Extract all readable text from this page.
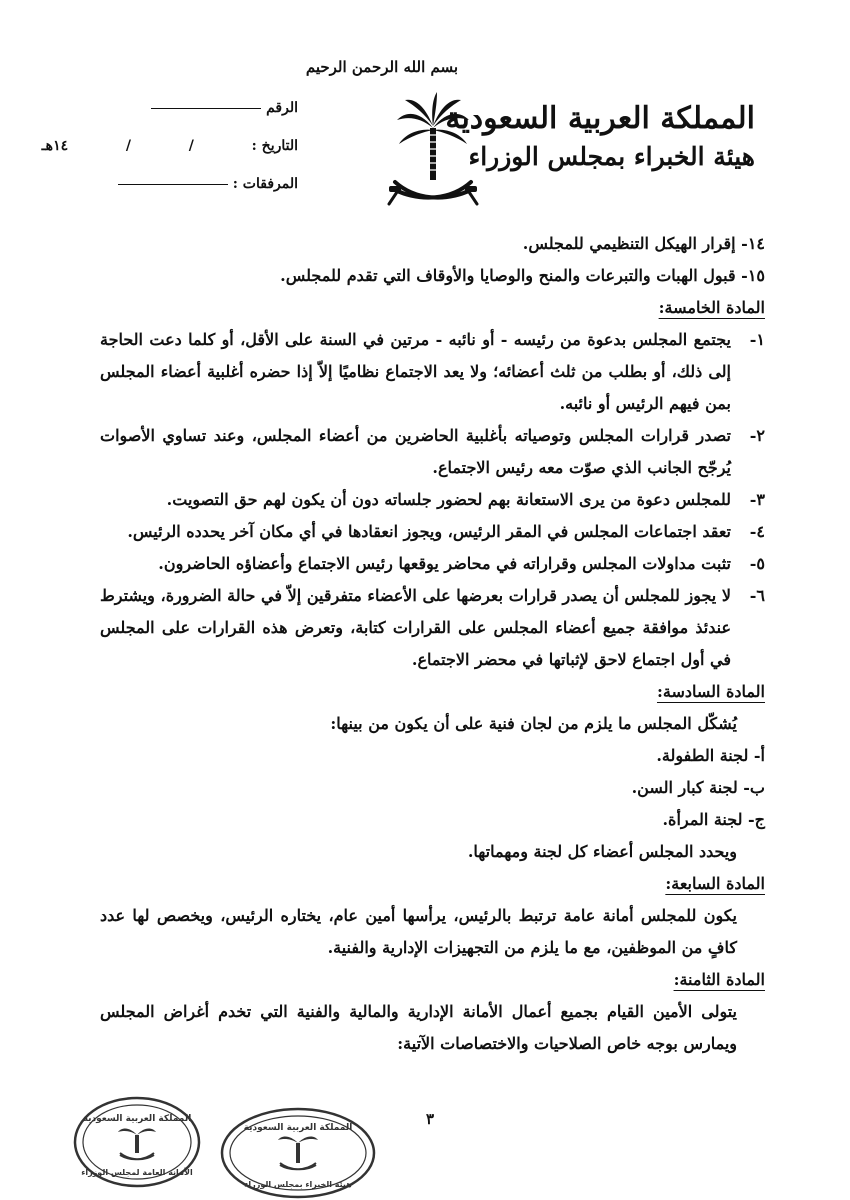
بسم الله الرحمن الرحيم
المملكة العربية السعودية
هيئة الخبراء بمجلس الوزراء
الرقم
التاريخ :  /  /  ١٤هـ
المرفقات :

١٤- إقرار الهيكل التنظيمي للمجلس.

١٥- قبول الهبات والتبرعات والمنح والوصايا والأوقاف التي تقدم للمجلس.

المادة الخامسة:

١-
يجتمع المجلس بدعوة من رئيسه - أو نائبه - مرتين في السنة على الأقل، أو كلما دعت الحاجة إلى ذلك، أو بطلب من ثلث أعضائه؛ ولا يعد الاجتماع نظاميًا إلاّ إذا حضره أغلبية أعضاء المجلس بمن فيهم الرئيس أو نائبه.

٢-
تصدر قرارات المجلس وتوصياته بأغلبية الحاضرين من أعضاء المجلس، وعند تساوي الأصوات يُرجّح الجانب الذي صوّت معه رئيس الاجتماع.

٣-
للمجلس دعوة من يرى الاستعانة بهم لحضور جلساته دون أن يكون لهم حق التصويت.

٤-
تعقد اجتماعات المجلس في المقر الرئيس، ويجوز انعقادها في أي مكان آخر يحدده الرئيس.

٥-
تثبت مداولات المجلس وقراراته في محاضر يوقعها رئيس الاجتماع وأعضاؤه الحاضرون.

٦-
لا يجوز للمجلس أن يصدر قرارات بعرضها على الأعضاء متفرقين إلاّ في حالة الضرورة، ويشترط عندئذ موافقة جميع أعضاء المجلس على القرارات كتابة، وتعرض هذه القرارات على المجلس في أول اجتماع لاحق لإثباتها في محضر الاجتماع.

المادة السادسة:

يُشكّل المجلس ما يلزم من لجان فنية على أن يكون من بينها:

أ- لجنة الطفولة.

ب- لجنة كبار السن.

ج- لجنة المرأة.

ويحدد المجلس أعضاء كل لجنة ومهماتها.

المادة السابعة:

يكون للمجلس أمانة عامة ترتبط بالرئيس، يرأسها أمين عام، يختاره الرئيس، ويخصص لها عدد كافٍ من الموظفين، مع ما يلزم من التجهيزات الإدارية والفنية.

المادة الثامنة:

يتولى الأمين القيام بجميع أعمال الأمانة الإدارية والمالية والفنية التي تخدم أغراض المجلس ويمارس بوجه خاص الصلاحيات والاختصاصات الآتية:

٣
المملكة العربية السعودية
الأمانة العامة لمجلس الوزراء
المملكة العربية السعودية
هيئة الخبراء بمجلس الوزراء
